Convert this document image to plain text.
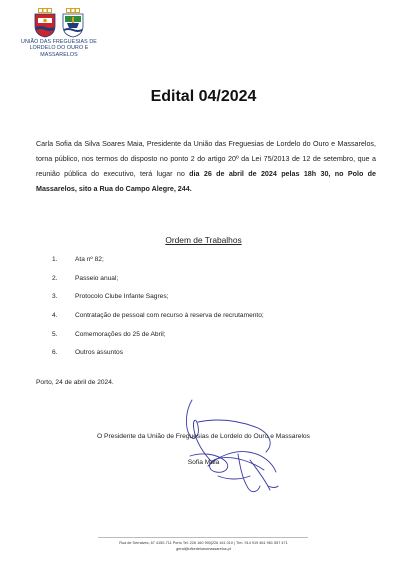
UNIÃO DAS FREGUESIAS DE
LORDELO DO OURO E MASSARELOS
Edital 04/2024
Carla Sofia da Silva Soares Maia, Presidente da União das Freguesias de Lordelo do Ouro e Massarelos, torna público, nos termos do disposto no ponto 2 do artigo 20º da Lei 75/2013 de 12 de setembro, que a reunião pública do executivo, terá lugar no dia 26 de abril de 2024 pelas 18h 30, no Polo de Massarelos, sito a Rua do Campo Alegre, 244.
Ordem de Trabalhos
1.	Ata nº 82;
2.	Passeio anual;
3.	Protocolo Clube Infante Sagres;
4.	Contratação de pessoal com recurso à reserva de recrutamento;
5.	Comemorações do 25 de Abril;
6.	Outros assuntos
Porto, 24 de abril de 2024.
O Presidente da União de Freguesias de Lordelo do Ouro e Massarelos
Sofia Maia
Rua de Serralves, 67 4150-711 Porto Tel. 226 160 900|226 161 010 | Tlm. 914 919 461 961 557 471
geral@uflordeloeomassarelos.pt
